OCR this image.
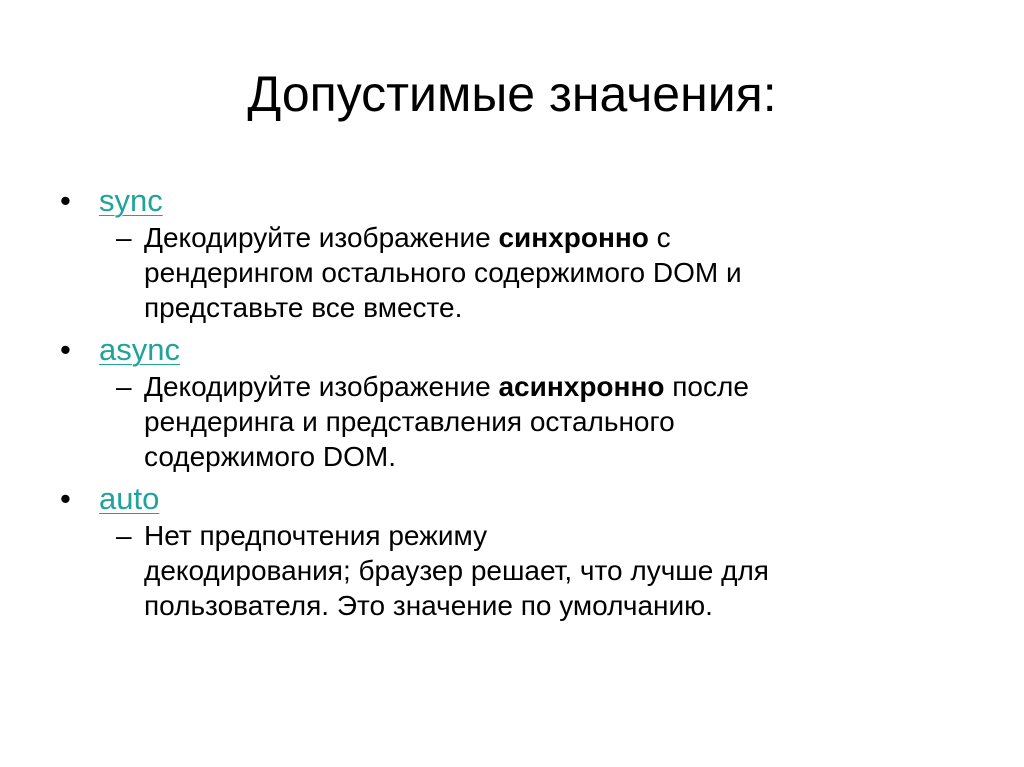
Допустимые значения:
• sync
– Декодируйте изображение синхронно с
рендерингом остального содержимого DOM и
представьте все вместе.
• async
– Декодируйте изображение асинхронно после
рендеринга и представления остального
содержимого DOM.
• auto
– Нет предпочтения режиму
декодирования; браузер решает, что лучше для
пользователя. Это значение по умолчанию.
